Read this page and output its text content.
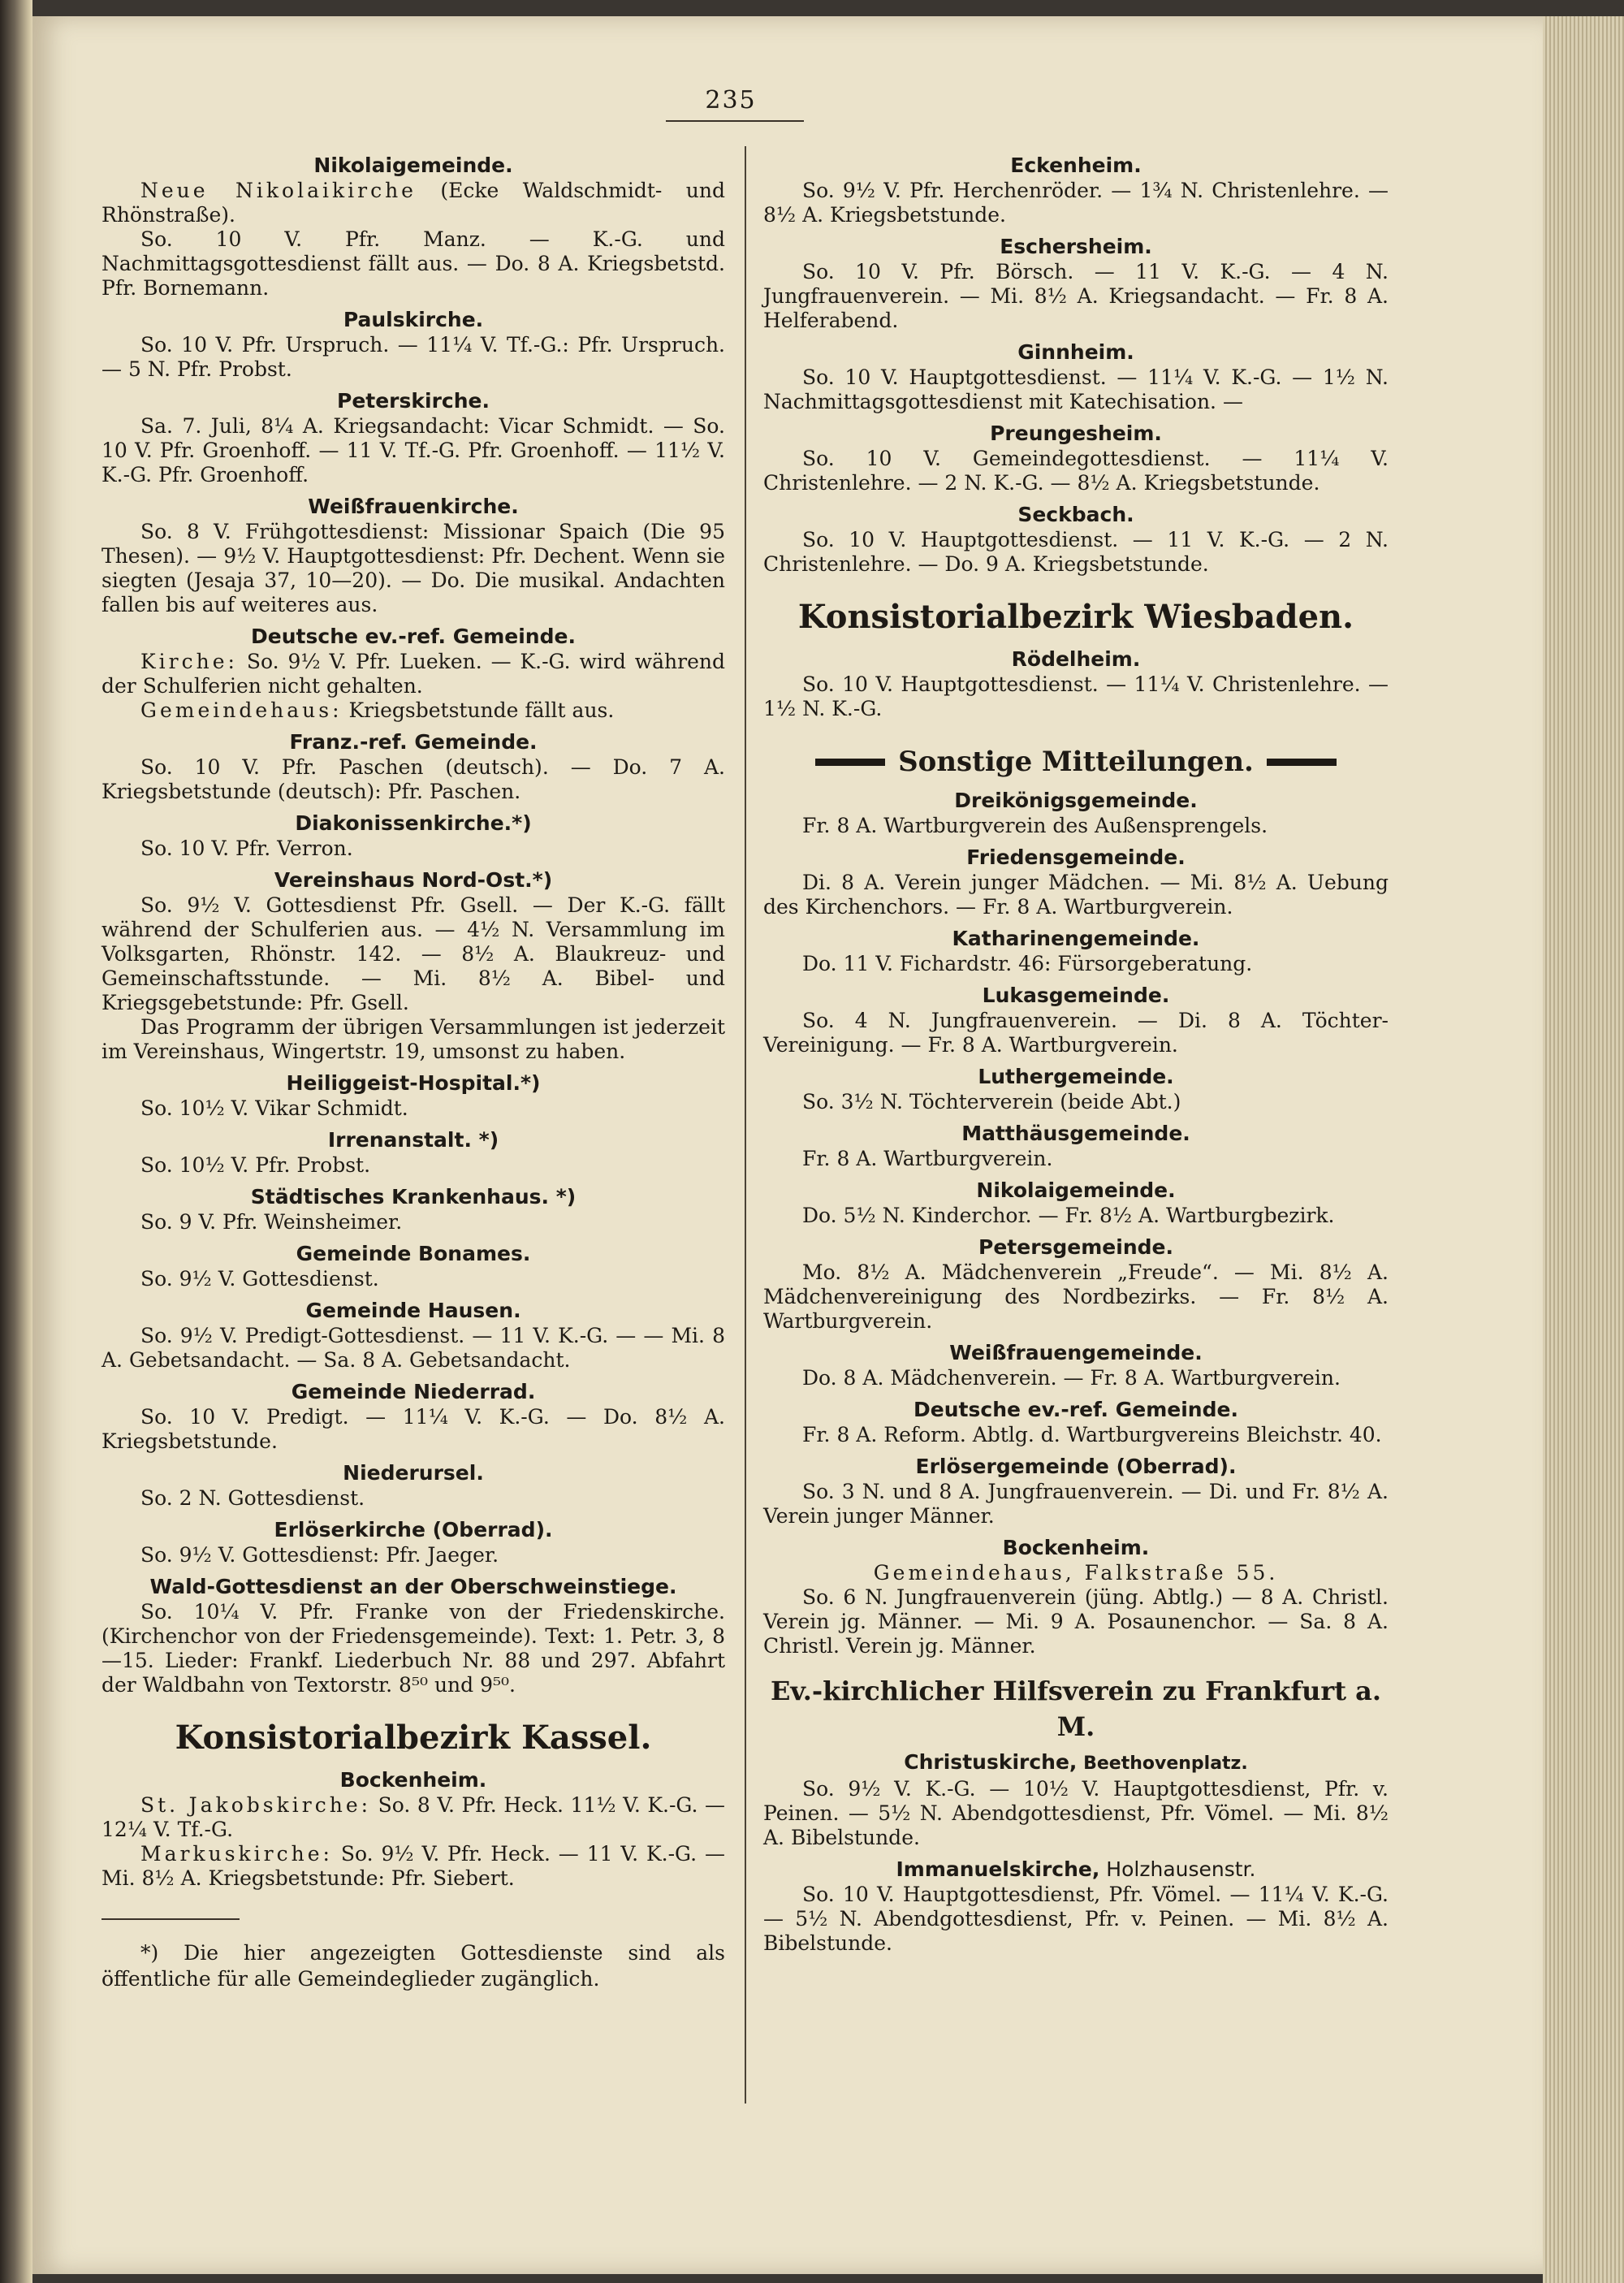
235
Nikolaigemeinde.

Neue Nikolaikirche (Ecke Waldschmidt- und Rhönstraße).

So. 10 V. Pfr. Manz. — K.-G. und Nachmittagsgottesdienst fällt aus. — Do. 8 A. Kriegsbetstd. Pfr. Bornemann.

Paulskirche.

So. 10 V. Pfr. Urspruch. — 11¼ V. Tf.-G.: Pfr. Urspruch. — 5 N. Pfr. Probst.

Peterskirche.

Sa. 7. Juli, 8¼ A. Kriegsandacht: Vicar Schmidt. — So. 10 V. Pfr. Groenhoff. — 11 V. Tf.-G. Pfr. Groenhoff. — 11½ V. K.-G. Pfr. Groenhoff.

Weißfrauenkirche.

So. 8 V. Frühgottesdienst: Missionar Spaich (Die 95 Thesen). — 9½ V. Hauptgottesdienst: Pfr. Dechent. Wenn sie siegten (Jesaja 37, 10—20). — Do. Die musikal. Andachten fallen bis auf weiteres aus.

Deutsche ev.-ref. Gemeinde.

Kirche: So. 9½ V. Pfr. Lueken. — K.-G. wird während der Schulferien nicht gehalten.

Gemeindehaus: Kriegsbetstunde fällt aus.

Franz.-ref. Gemeinde.

So. 10 V. Pfr. Paschen (deutsch). — Do. 7 A. Kriegsbetstunde (deutsch): Pfr. Paschen.

Diakonissenkirche.*)

So. 10 V. Pfr. Verron.

Vereinshaus Nord-Ost.*)

So. 9½ V. Gottesdienst Pfr. Gsell. — Der K.-G. fällt während der Schulferien aus. — 4½ N. Versammlung im Volksgarten, Rhönstr. 142. — 8½ A. Blaukreuz- und Gemeinschaftsstunde. — Mi. 8½ A. Bibel- und Kriegsgebetstunde: Pfr. Gsell.

Das Programm der übrigen Versammlungen ist jederzeit im Vereinshaus, Wingertstr. 19, umsonst zu haben.

Heiliggeist-Hospital.*)

So. 10½ V. Vikar Schmidt.

Irrenanstalt. *)

So. 10½ V. Pfr. Probst.

Städtisches Krankenhaus. *)

So. 9 V. Pfr. Weinsheimer.

Gemeinde Bonames.

So. 9½ V. Gottesdienst.

Gemeinde Hausen.

So. 9½ V. Predigt-Gottesdienst. — 11 V. K.-G. — — Mi. 8 A. Gebetsandacht. — Sa. 8 A. Gebetsandacht.

Gemeinde Niederrad.

So. 10 V. Predigt. — 11¼ V. K.-G. — Do. 8½ A. Kriegsbetstunde.

Niederursel.

So. 2 N. Gottesdienst.

Erlöserkirche (Oberrad).

So. 9½ V. Gottesdienst: Pfr. Jaeger.

Wald-Gottesdienst an der Oberschweinstiege.

So. 10¼ V. Pfr. Franke von der Friedenskirche. (Kirchenchor von der Friedensgemeinde). Text: 1. Petr. 3, 8—15. Lieder: Frankf. Liederbuch Nr. 88 und 297. Abfahrt der Waldbahn von Textorstr. 8⁵⁰ und 9⁵⁰.

Konsistorialbezirk Kassel.
Bockenheim.

St. Jakobskirche: So. 8 V. Pfr. Heck. 11½ V. K.-G. — 12¼ V. Tf.-G.

Markuskirche: So. 9½ V. Pfr. Heck. — 11 V. K.-G. — Mi. 8½ A. Kriegsbetstunde: Pfr. Siebert.

*) Die hier angezeigten Gottesdienste sind als öffentliche für alle Gemeindeglieder zugänglich.

Eckenheim.

So. 9½ V. Pfr. Herchenröder. — 1¾ N. Christenlehre. — 8½ A. Kriegsbetstunde.

Eschersheim.

So. 10 V. Pfr. Börsch. — 11 V. K.-G. — 4 N. Jungfrauenverein. — Mi. 8½ A. Kriegsandacht. — Fr. 8 A. Helferabend.

Ginnheim.

So. 10 V. Hauptgottesdienst. — 11¼ V. K.-G. — 1½ N. Nachmittagsgottesdienst mit Katechisation. —

Preungesheim.

So. 10 V. Gemeindegottesdienst. — 11¼ V. Christenlehre. — 2 N. K.-G. — 8½ A. Kriegsbetstunde.

Seckbach.

So. 10 V. Hauptgottesdienst. — 11 V. K.-G. — 2 N. Christenlehre. — Do. 9 A. Kriegsbetstunde.

Konsistorialbezirk Wiesbaden.
Rödelheim.

So. 10 V. Hauptgottesdienst. — 11¼ V. Christenlehre. — 1½ N. K.-G.

Sonstige Mitteilungen.
Dreikönigsgemeinde.

Fr. 8 A. Wartburgverein des Außensprengels.

Friedensgemeinde.

Di. 8 A. Verein junger Mädchen. — Mi. 8½ A. Uebung des Kirchenchors. — Fr. 8 A. Wartburgverein.

Katharinengemeinde.

Do. 11 V. Fichardstr. 46: Fürsorgeberatung.

Lukasgemeinde.

So. 4 N. Jungfrauenverein. — Di. 8 A. Töchter-Vereinigung. — Fr. 8 A. Wartburgverein.

Luthergemeinde.

So. 3½ N. Töchterverein (beide Abt.)

Matthäusgemeinde.

Fr. 8 A. Wartburgverein.

Nikolaigemeinde.

Do. 5½ N. Kinderchor. — Fr. 8½ A. Wartburgbezirk.

Petersgemeinde.

Mo. 8½ A. Mädchenverein „Freude“. — Mi. 8½ A. Mädchenvereinigung des Nordbezirks. — Fr. 8½ A. Wartburgverein.

Weißfrauengemeinde.

Do. 8 A. Mädchenverein. — Fr. 8 A. Wartburgverein.

Deutsche ev.-ref. Gemeinde.

Fr. 8 A. Reform. Abtlg. d. Wartburgvereins Bleichstr. 40.

Erlösergemeinde (Oberrad).

So. 3 N. und 8 A. Jungfrauenverein. — Di. und Fr. 8½ A. Verein junger Männer.

Bockenheim.

Gemeindehaus, Falkstraße 55.

So. 6 N. Jungfrauenverein (jüng. Abtlg.) — 8 A. Christl. Verein jg. Männer. — Mi. 9 A. Posaunenchor. — Sa. 8 A. Christl. Verein jg. Männer.

Ev.-kirchlicher Hilfsverein zu Frankfurt a. M.
Christuskirche, Beethovenplatz.

So. 9½ V. K.-G. — 10½ V. Hauptgottesdienst, Pfr. v. Peinen. — 5½ N. Abendgottesdienst, Pfr. Vömel. — Mi. 8½ A. Bibelstunde.

Immanuelskirche, Holzhausenstr.

So. 10 V. Hauptgottesdienst, Pfr. Vömel. — 11¼ V. K.-G. — 5½ N. Abendgottesdienst, Pfr. v. Peinen. — Mi. 8½ A. Bibelstunde.
